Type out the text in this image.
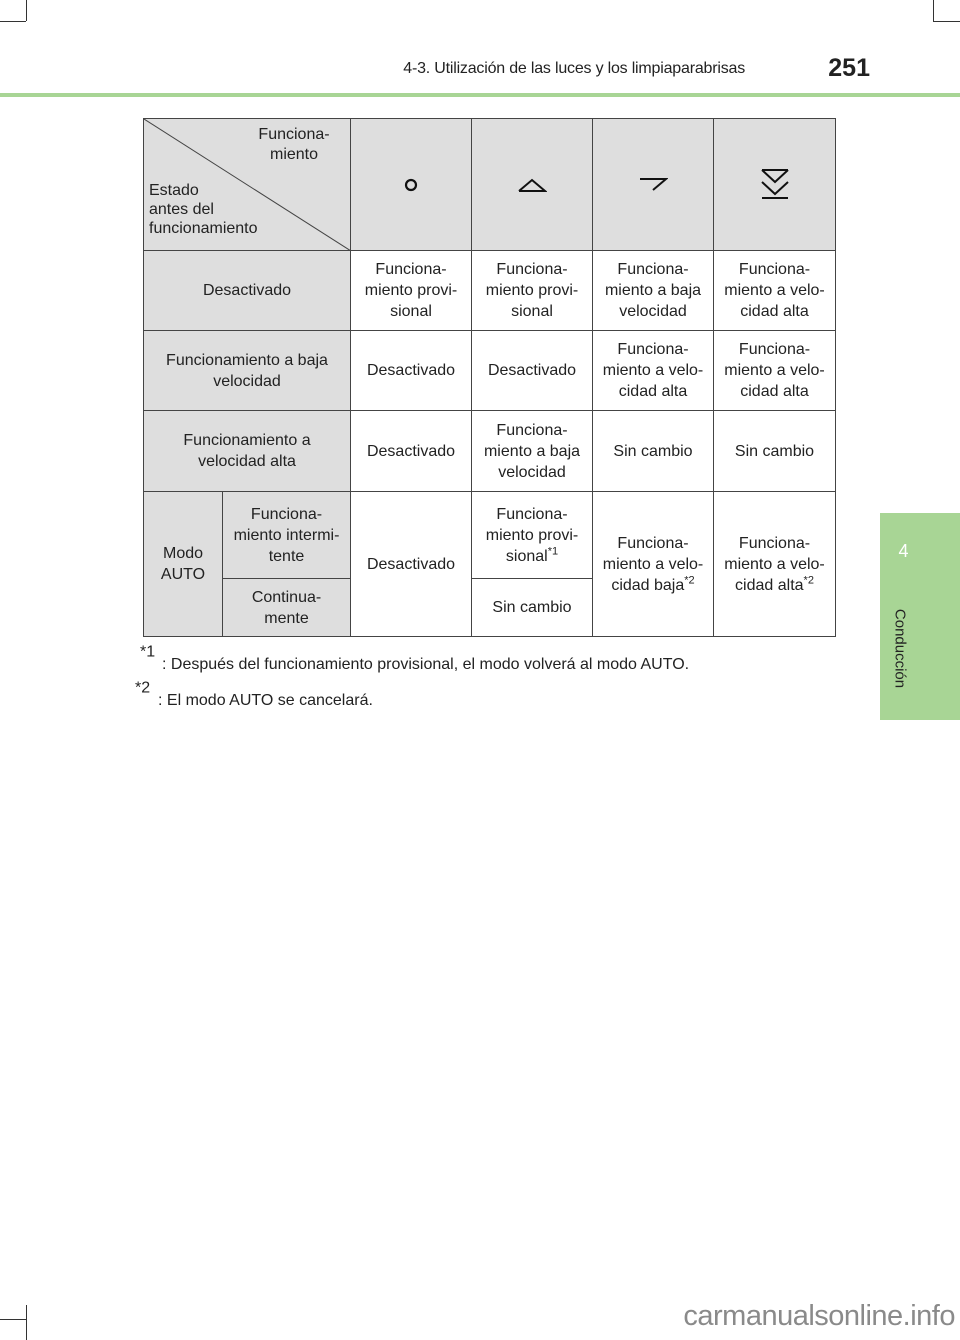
4-3. Utilización de las luces y los limpiaparabrisas	251
4
Conducción
Funciona-
miento
Estado
antes del
funcionamiento

Desactivado		Funciona-
miento provi-
sional	Funciona-
miento provi-
sional	Funciona-
miento a baja
velocidad	Funciona-
miento a velo-
cidad alta
Funcionamiento a baja
velocidad		Desactivado	Desactivado	Funciona-
miento a velo-
cidad alta	Funciona-
miento a velo-
cidad alta
Funcionamiento a
velocidad alta		Desactivado	Funciona-
miento a baja
velocidad	Sin cambio	Sin cambio
Modo
AUTO	Funciona-
miento intermi-
tente	Desactivado	Funciona-
miento provi-
sional$^{*1}$	Funciona-
miento a velo-
cidad baja$^{*2}$	Funciona-
miento a velo-
cidad alta$^{*2}$
	Continua-
mente		Sin cambio		
$^{*1}$
: Después del funcionamiento provisional, el modo volverá al modo AUTO.
$^{*2}$
: El modo AUTO se cancelará.
carmanualsonline.info
